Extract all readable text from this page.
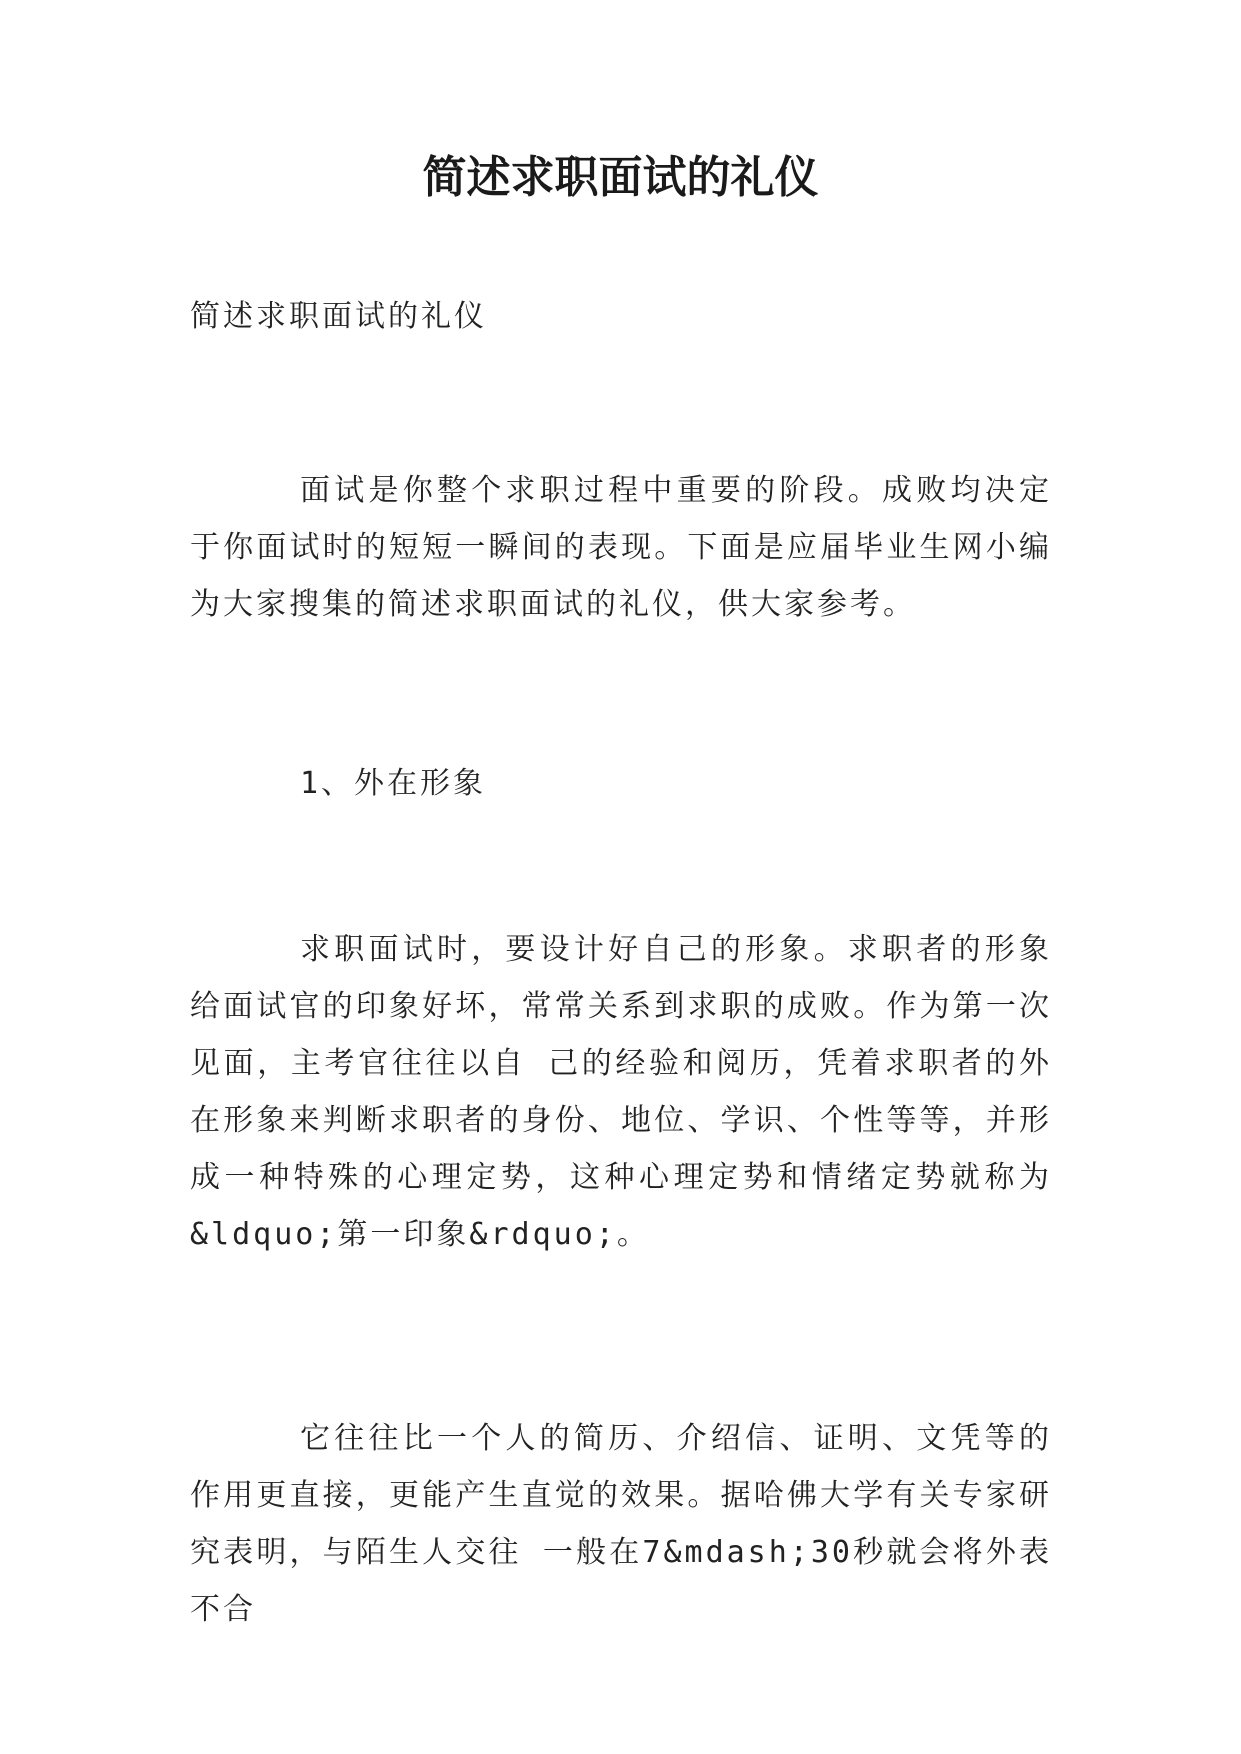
简述求职面试的礼仪

简述求职面试的礼仪

面试是你整个求职过程中重要的阶段。成败均决定于你面试时的短短一瞬间的表现。下面是应届毕业生网小编为大家搜集的简述求职面试的礼仪，供大家参考。

1、外在形象

求职面试时，要设计好自己的形象。求职者的形象给面试官的印象好坏，常常关系到求职的成败。作为第一次见面，主考官往往以自 己的经验和阅历，凭着求职者的外在形象来判断求职者的身份、地位、学识、个性等等，并形成一种特殊的心理定势，这种心理定势和情绪定势就称为&ldquo;第一印象&rdquo;。

它往往比一个人的简历、介绍信、证明、文凭等的作用更直接，更能产生直觉的效果。据哈佛大学有关专家研究表明，与陌生人交往 一般在7&mdash;30秒就会将外表不合
